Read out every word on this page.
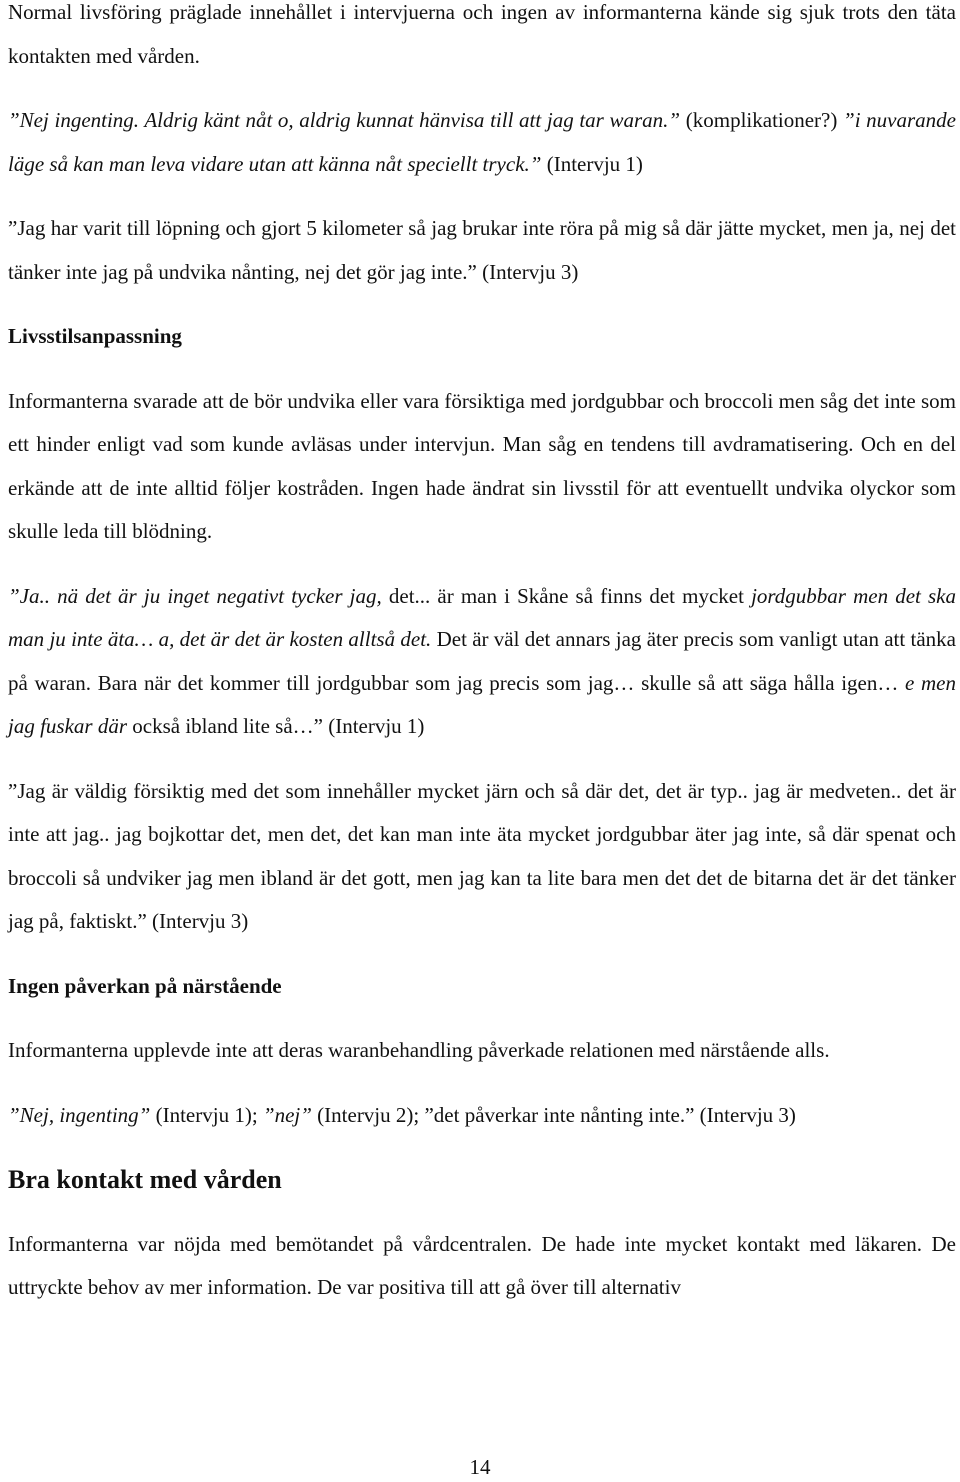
Normal livsföring präglade innehållet i intervjuerna och ingen av informanterna kände sig sjuk trots den täta kontakten med vården.

”Nej ingenting. Aldrig känt nåt o, aldrig kunnat hänvisa till att jag tar waran.” (komplikationer?) ”i nuvarande läge så kan man leva vidare utan att känna nåt speciellt tryck.” (Intervju 1)

”Jag har varit till löpning och gjort 5 kilometer så jag brukar inte röra på mig så där jätte mycket, men ja, nej det tänker inte jag på undvika nånting, nej det gör jag inte.” (Intervju 3)

Livsstilsanpassning

Informanterna svarade att de bör undvika eller vara försiktiga med jordgubbar och broccoli men såg det inte som ett hinder enligt vad som kunde avläsas under intervjun. Man såg en tendens till avdramatisering. Och en del erkände att de inte alltid följer kostråden. Ingen hade ändrat sin livsstil för att eventuellt undvika olyckor som skulle leda till blödning.

”Ja.. nä det är ju inget negativt tycker jag, det... är man i Skåne så finns det mycket jordgubbar men det ska man ju inte äta… a, det är det är kosten alltså det. Det är väl det annars jag äter precis som vanligt utan att tänka på waran. Bara när det kommer till jordgubbar som jag precis som jag… skulle så att säga hålla igen… e men jag fuskar där också ibland lite så…” (Intervju 1)

”Jag är väldig försiktig med det som innehåller mycket järn och så där det, det är typ.. jag är medveten.. det är inte att jag.. jag bojkottar det, men det, det kan man inte äta mycket jordgubbar äter jag inte, så där spenat och broccoli så undviker jag men ibland är det gott, men jag kan ta lite bara men det det de bitarna det är det tänker jag på, faktiskt.” (Intervju 3)

Ingen påverkan på närstående

Informanterna upplevde inte att deras waranbehandling påverkade relationen med närstående alls.

”Nej, ingenting” (Intervju 1); ”nej” (Intervju 2); ”det påverkar inte nånting inte.” (Intervju 3)

Bra kontakt med vården

Informanterna var nöjda med bemötandet på vårdcentralen. De hade inte mycket kontakt med läkaren. De uttryckte behov av mer information. De var positiva till att gå över till alternativ

14
